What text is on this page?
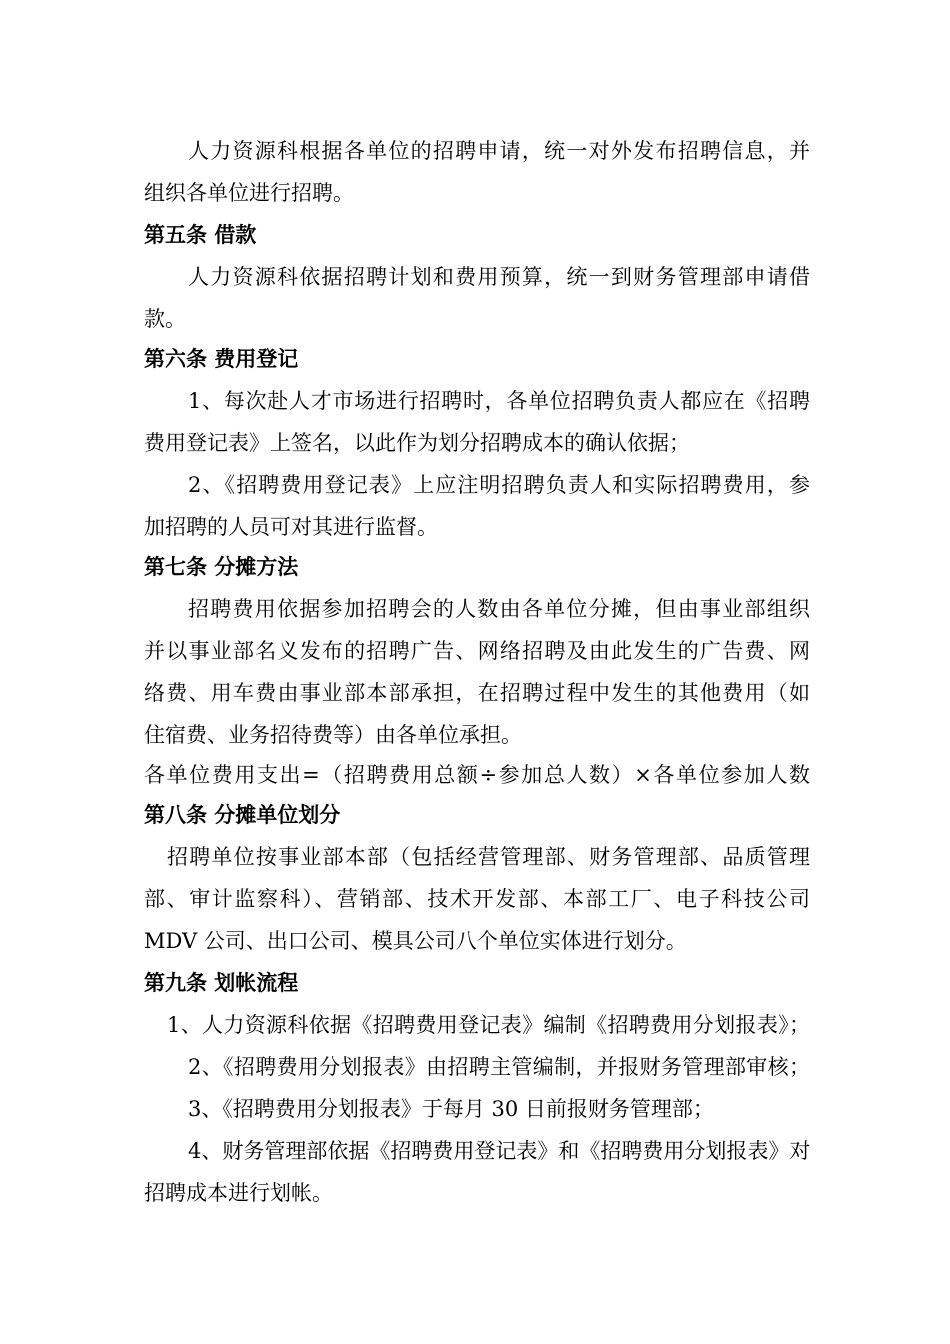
人力资源科根据各单位的招聘申请，统一对外发布招聘信息，并
组织各单位进行招聘。
第五条 借款
人力资源科依据招聘计划和费用预算，统一到财务管理部申请借
款。
第六条 费用登记
1、每次赴人才市场进行招聘时，各单位招聘负责人都应在《招聘
费用登记表》上签名，以此作为划分招聘成本的确认依据；
2、《招聘费用登记表》上应注明招聘负责人和实际招聘费用，参
加招聘的人员可对其进行监督。
第七条 分摊方法
招聘费用依据参加招聘会的人数由各单位分摊，但由事业部组织
并以事业部名义发布的招聘广告、网络招聘及由此发生的广告费、网
络费、用车费由事业部本部承担，在招聘过程中发生的其他费用（如
住宿费、业务招待费等）由各单位承担。
各单位费用支出=（招聘费用总额÷参加总人数）×各单位参加人数
第八条 分摊单位划分
招聘单位按事业部本部（包括经营管理部、财务管理部、品质管理
部、审计监察科）、营销部、技术开发部、本部工厂、电子科技公司
MDV 公司、出口公司、模具公司八个单位实体进行划分。
第九条 划帐流程
1、人力资源科依据《招聘费用登记表》编制《招聘费用分划报表》；
2、《招聘费用分划报表》由招聘主管编制，并报财务管理部审核；
3、《招聘费用分划报表》于每月 30 日前报财务管理部；
4、财务管理部依据《招聘费用登记表》和《招聘费用分划报表》对
招聘成本进行划帐。
